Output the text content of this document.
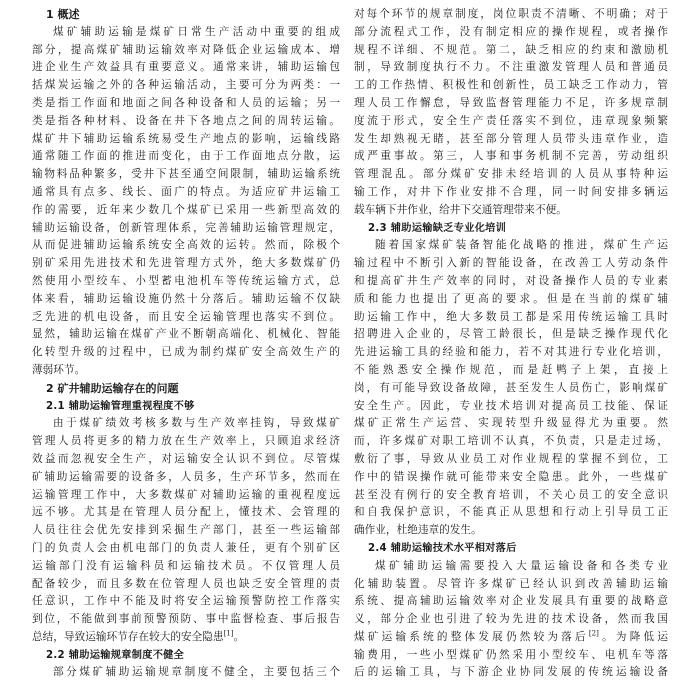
1 概述
煤矿辅助运输是煤矿日常生产活动中重要的组成
部分，提高煤矿辅助运输效率对降低企业运输成本、增
进企业生产效益具有重要意义。通常来讲，辅助运输包
括煤炭运输之外的各种运输活动，主要可分为两类：一
类是指工作面和地面之间各种设备和人员的运输；另一
类是指各种材料、设备在井下各地点之间的周转运输。
煤矿井下辅助运输系统易受生产地点的影响，运输线路
通常随工作面的推进而变化，由于工作面地点分散，运
输物料品种繁多，受井下甚至通空间限制，辅助运输系统
通常具有点多、线长、面广的特点。为适应矿井运输工
作的需要，近年来少数几个煤矿已采用一些新型高效的
辅助运输设备，创新管理体系，完善辅助运输管理规定，
从而促进辅助运输系统安全高效的运转。然而，除极个
别矿采用先进技术和先进管理方式外，绝大多数煤矿仍
然使用小型绞车、小型蓄电池机车等传统运输方式，总
体来看，辅助运输设施仍然十分落后。辅助运输不仅缺
乏先进的机电设备，而且安全运输管理也落实不到位。
显然，辅助运输在煤矿产业不断朝高端化、机械化、智能
化转型升级的过程中，已成为制约煤矿安全高效生产的
薄弱环节。
2 矿井辅助运输存在的问题
2.1 辅助运输管理重视程度不够
由于煤矿绩效考核多数与生产效率挂钩，导致煤矿
管理人员将更多的精力放在生产效率上，只顾追求经济
效益而忽视安全生产，对运输安全认识不到位。尽管煤
矿辅助运输需要的设备多，人员多，生产环节多，然而在
运输管理工作中，大多数煤矿对辅助运输的重视程度远
远不够。尤其是在管理人员分配上，懂技术、会管理的
人员往往会优先安排到采掘生产部门，甚至一些运输部
门的负责人会由机电部门的负责人兼任，更有个别矿区
运输部门没有运输科员和运输技术员。不仅管理人员
配备较少，而且多数在位管理人员也缺乏安全管理的责
任意识，工作中不能及时将安全运输预警防控工作落实
到位，不能做到事前预警预防、事中监督检查、事后报告
总结，导致运输环节存在较大的安全隐患[1]。
2.2 辅助运输规章制度不健全
部分煤矿辅助运输规章制度不健全，主要包括三个
对每个环节的规章制度，岗位职责不清晰、不明确；对于
部分流程式工作，没有制定相应的操作规程，或者操作
规程不详细、不规范。第二，缺乏相应的约束和激励机
制，导致制度执行不力。不注重激发管理人员和普通员
工的工作热情、积极性和创新性，员工缺乏工作动力，管
理人员工作懈怠，导致监督管理能力不足，许多规章制
度流于形式，安全生产责任落实不到位，违章现象频繁
发生却熟视无睹，甚至部分管理人员带头违章作业，造
成严重事故。第三，人事和事务机制不完善，劳动组织
管理混乱。部分煤矿安排未经培训的人员从事特种运
输工作，对井下作业安排不合理，同一时间安排多辆运
载车辆下井作业，给井下交通管理带来不便。
2.3 辅助运输缺乏专业化培训
随着国家煤矿装备智能化战略的推进，煤矿生产运
输过程中不断引入新的智能设备，在改善工人劳动条件
和提高矿井生产效率的同时，对设备操作人员的专业素
质和能力也提出了更高的要求。但是在当前的煤矿辅
助运输工作中，绝大多数员工都是采用传统运输工具时
招聘进入企业的，尽管工龄很长，但是缺乏操作现代化
先进运输工具的经验和能力，若不对其进行专业化培训，
不能熟悉安全操作规范，而是赶鸭子上架，直接上
岗，有可能导致设备故障，甚至发生人员伤亡，影响煤矿
安全生产。因此，专业技术培训对提高员工技能、保证
煤矿正常生产运营、实现转型升级显得尤为重要。然
而，许多煤矿对职工培训不认真，不负责，只是走过场，
敷衍了事，导致从业员工对作业规程的掌握不到位，工
作中的错误操作就可能带来安全隐患。此外，一些煤矿
甚至没有例行的安全教育培训，不关心员工的安全意识
和自我保护意识，不能真正从思想和行动上引导员工正
确作业，杜绝违章的发生。
2.4 辅助运输技术水平相对落后
煤矿辅助运输需要投入大量运输设备和各类专业
化辅助装置。尽管许多煤矿已经认识到改善辅助运输
系统、提高辅助运输效率对企业发展具有重要的战略意
义，部分企业也引进了较为先进的技术设备，然而我国
煤矿运输系统的整体发展仍然较为落后[2]。为降低运
输费用，一些小型煤矿仍然采用小型绞车、电机车等落
后的运输工具，与下游企业协同发展的传统运输设备
